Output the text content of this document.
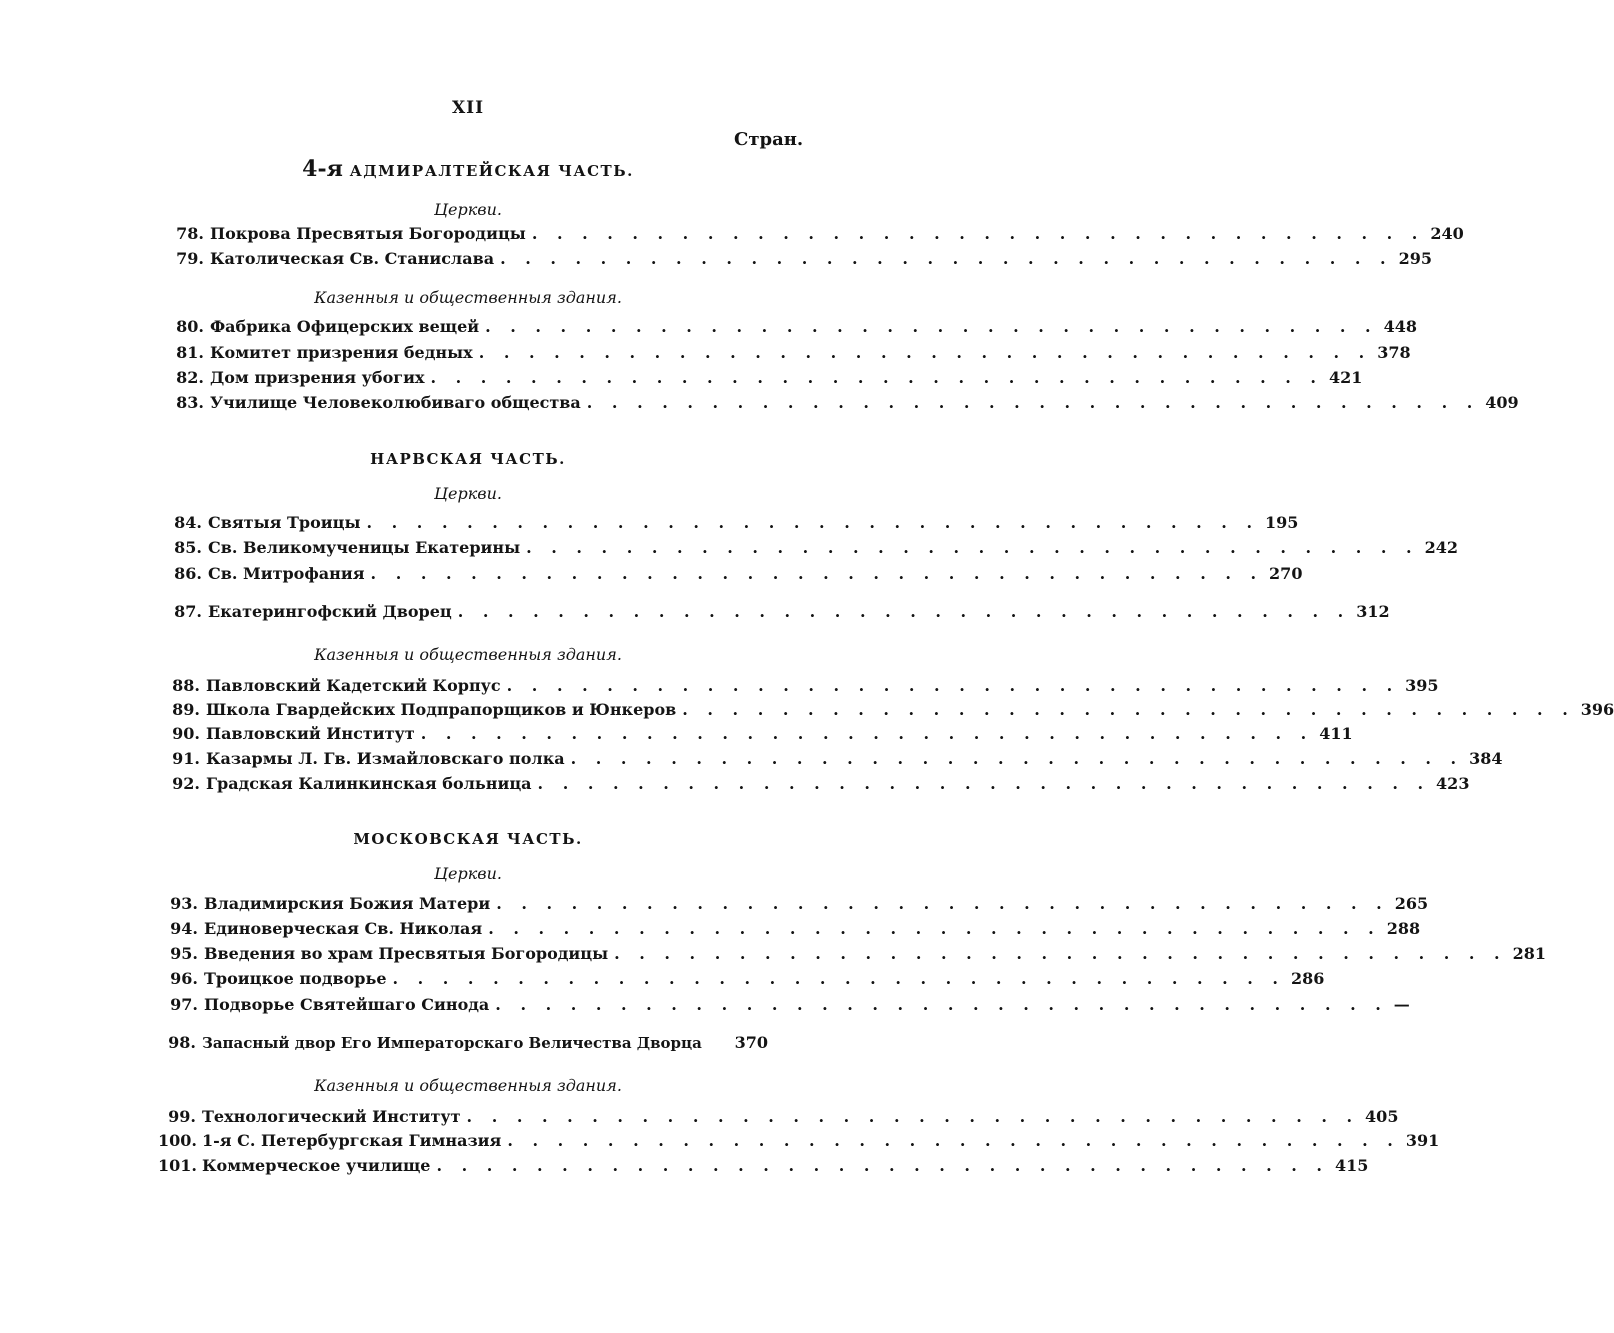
XII
Стран.
4-я АДМИРАЛТЕЙСКАЯ ЧАСТЬ.
Церкви.
78. Покрова Пресвятыя Богородицы . . . . . . . . . . . . . . . . . . . . . . . . . . . . . . . . . . . . 240
79. Католическая Св. Станислава . . . . . . . . . . . . . . . . . . . . . . . . . . . . . . . . . . . . 295
Казенныя и общественныя здания.
80. Фабрика Офицерских вещей . . . . . . . . . . . . . . . . . . . . . . . . . . . . . . . . . . . . 448
81. Комитет призрения бедных . . . . . . . . . . . . . . . . . . . . . . . . . . . . . . . . . . . . 378
82. Дом призрения убогих . . . . . . . . . . . . . . . . . . . . . . . . . . . . . . . . . . . . 421
83. Училище Человеколюбиваго общества . . . . . . . . . . . . . . . . . . . . . . . . . . . . . . . . . . . . 409
НАРВСКАЯ ЧАСТЬ.
Церкви.
84. Святыя Троицы . . . . . . . . . . . . . . . . . . . . . . . . . . . . . . . . . . . . 195
85. Св. Великомученицы Екатерины . . . . . . . . . . . . . . . . . . . . . . . . . . . . . . . . . . . . 242
86. Св. Митрофания . . . . . . . . . . . . . . . . . . . . . . . . . . . . . . . . . . . . 270
87. Екатерингофский Дворец . . . . . . . . . . . . . . . . . . . . . . . . . . . . . . . . . . . . 312
Казенныя и общественныя здания.
88. Павловский Кадетский Корпус . . . . . . . . . . . . . . . . . . . . . . . . . . . . . . . . . . . . 395
89. Школа Гвардейских Подпрапорщиков и Юнкеров . . . . . . . . . . . . . . . . . . . . . . . . . . . . . . . . . . . . 396
90. Павловский Институт . . . . . . . . . . . . . . . . . . . . . . . . . . . . . . . . . . . . 411
91. Казармы Л. Гв. Измайловскаго полка . . . . . . . . . . . . . . . . . . . . . . . . . . . . . . . . . . . . 384
92. Градская Калинкинская больница . . . . . . . . . . . . . . . . . . . . . . . . . . . . . . . . . . . . 423
МОСКОВСКАЯ ЧАСТЬ.
Церкви.
93. Владимирския Божия Матери . . . . . . . . . . . . . . . . . . . . . . . . . . . . . . . . . . . . 265
94. Единоверческая Св. Николая . . . . . . . . . . . . . . . . . . . . . . . . . . . . . . . . . . . . 288
95. Введения во храм Пресвятыя Богородицы . . . . . . . . . . . . . . . . . . . . . . . . . . . . . . . . . . . . 281
96. Троицкое подворье . . . . . . . . . . . . . . . . . . . . . . . . . . . . . . . . . . . . 286
97. Подворье Святейшаго Синода . . . . . . . . . . . . . . . . . . . . . . . . . . . . . . . . . . . . —
98. Запасный двор Его Императорскаго Величества Дворца 370
Казенныя и общественныя здания.
99. Технологический Институт . . . . . . . . . . . . . . . . . . . . . . . . . . . . . . . . . . . . 405
100. 1-я С. Петербургская Гимназия . . . . . . . . . . . . . . . . . . . . . . . . . . . . . . . . . . . . 391
101. Коммерческое училище . . . . . . . . . . . . . . . . . . . . . . . . . . . . . . . . . . . . 415
